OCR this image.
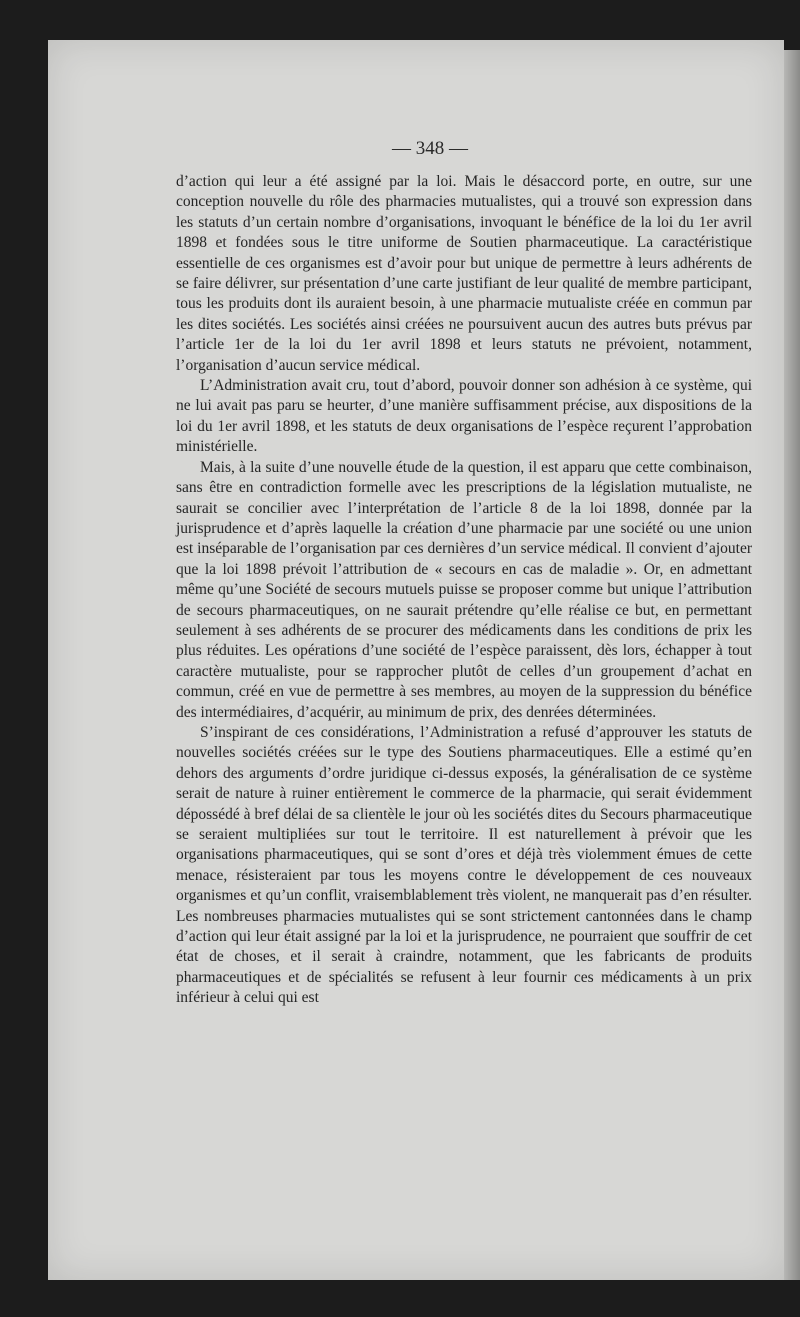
— 348 —

d’action qui leur a été assigné par la loi. Mais le désaccord porte, en outre, sur une conception nouvelle du rôle des pharmacies mutualistes, qui a trouvé son expression dans les statuts d’un certain nombre d’organisations, invoquant le bénéfice de la loi du 1er avril 1898 et fondées sous le titre uniforme de Soutien pharmaceutique. La caractéristique essentielle de ces organismes est d’avoir pour but unique de permettre à leurs adhérents de se faire délivrer, sur présentation d’une carte justifiant de leur qualité de membre participant, tous les produits dont ils auraient besoin, à une pharmacie mutualiste créée en commun par les dites sociétés. Les sociétés ainsi créées ne poursuivent aucun des autres buts prévus par l’article 1er de la loi du 1er avril 1898 et leurs statuts ne prévoient, notamment, l’organisation d’aucun service médical.

L’Administration avait cru, tout d’abord, pouvoir donner son adhésion à ce système, qui ne lui avait pas paru se heurter, d’une manière suffisamment précise, aux dispositions de la loi du 1er avril 1898, et les statuts de deux organisations de l’espèce reçurent l’approbation ministérielle.

Mais, à la suite d’une nouvelle étude de la question, il est apparu que cette combinaison, sans être en contradiction formelle avec les prescriptions de la législation mutualiste, ne saurait se concilier avec l’interprétation de l’article 8 de la loi 1898, donnée par la jurisprudence et d’après laquelle la création d’une pharmacie par une société ou une union est inséparable de l’organisation par ces dernières d’un service médical. Il convient d’ajouter que la loi 1898 prévoit l’attribution de « secours en cas de maladie ». Or, en admettant même qu’une Société de secours mutuels puisse se proposer comme but unique l’attribution de secours pharmaceutiques, on ne saurait prétendre qu’elle réalise ce but, en permettant seulement à ses adhérents de se procurer des médicaments dans les conditions de prix les plus réduites. Les opérations d’une société de l’espèce paraissent, dès lors, échapper à tout caractère mutualiste, pour se rapprocher plutôt de celles d’un groupement d’achat en commun, créé en vue de permettre à ses membres, au moyen de la suppression du bénéfice des intermédiaires, d’acquérir, au minimum de prix, des denrées déterminées.

S’inspirant de ces considérations, l’Administration a refusé d’approuver les statuts de nouvelles sociétés créées sur le type des Soutiens pharmaceutiques. Elle a estimé qu’en dehors des arguments d’ordre juridique ci-dessus exposés, la généralisation de ce système serait de nature à ruiner entièrement le commerce de la pharmacie, qui serait évidemment dépossédé à bref délai de sa clientèle le jour où les sociétés dites du Secours pharmaceutique se seraient multipliées sur tout le territoire. Il est naturellement à prévoir que les organisations pharmaceutiques, qui se sont d’ores et déjà très violemment émues de cette menace, résisteraient par tous les moyens contre le développement de ces nouveaux organismes et qu’un conflit, vraisemblablement très violent, ne manquerait pas d’en résulter. Les nombreuses pharmacies mutualistes qui se sont strictement cantonnées dans le champ d’action qui leur était assigné par la loi et la jurisprudence, ne pourraient que souffrir de cet état de choses, et il serait à craindre, notamment, que les fabricants de produits pharmaceutiques et de spécialités se refusent à leur fournir ces médicaments à un prix inférieur à celui qui est
